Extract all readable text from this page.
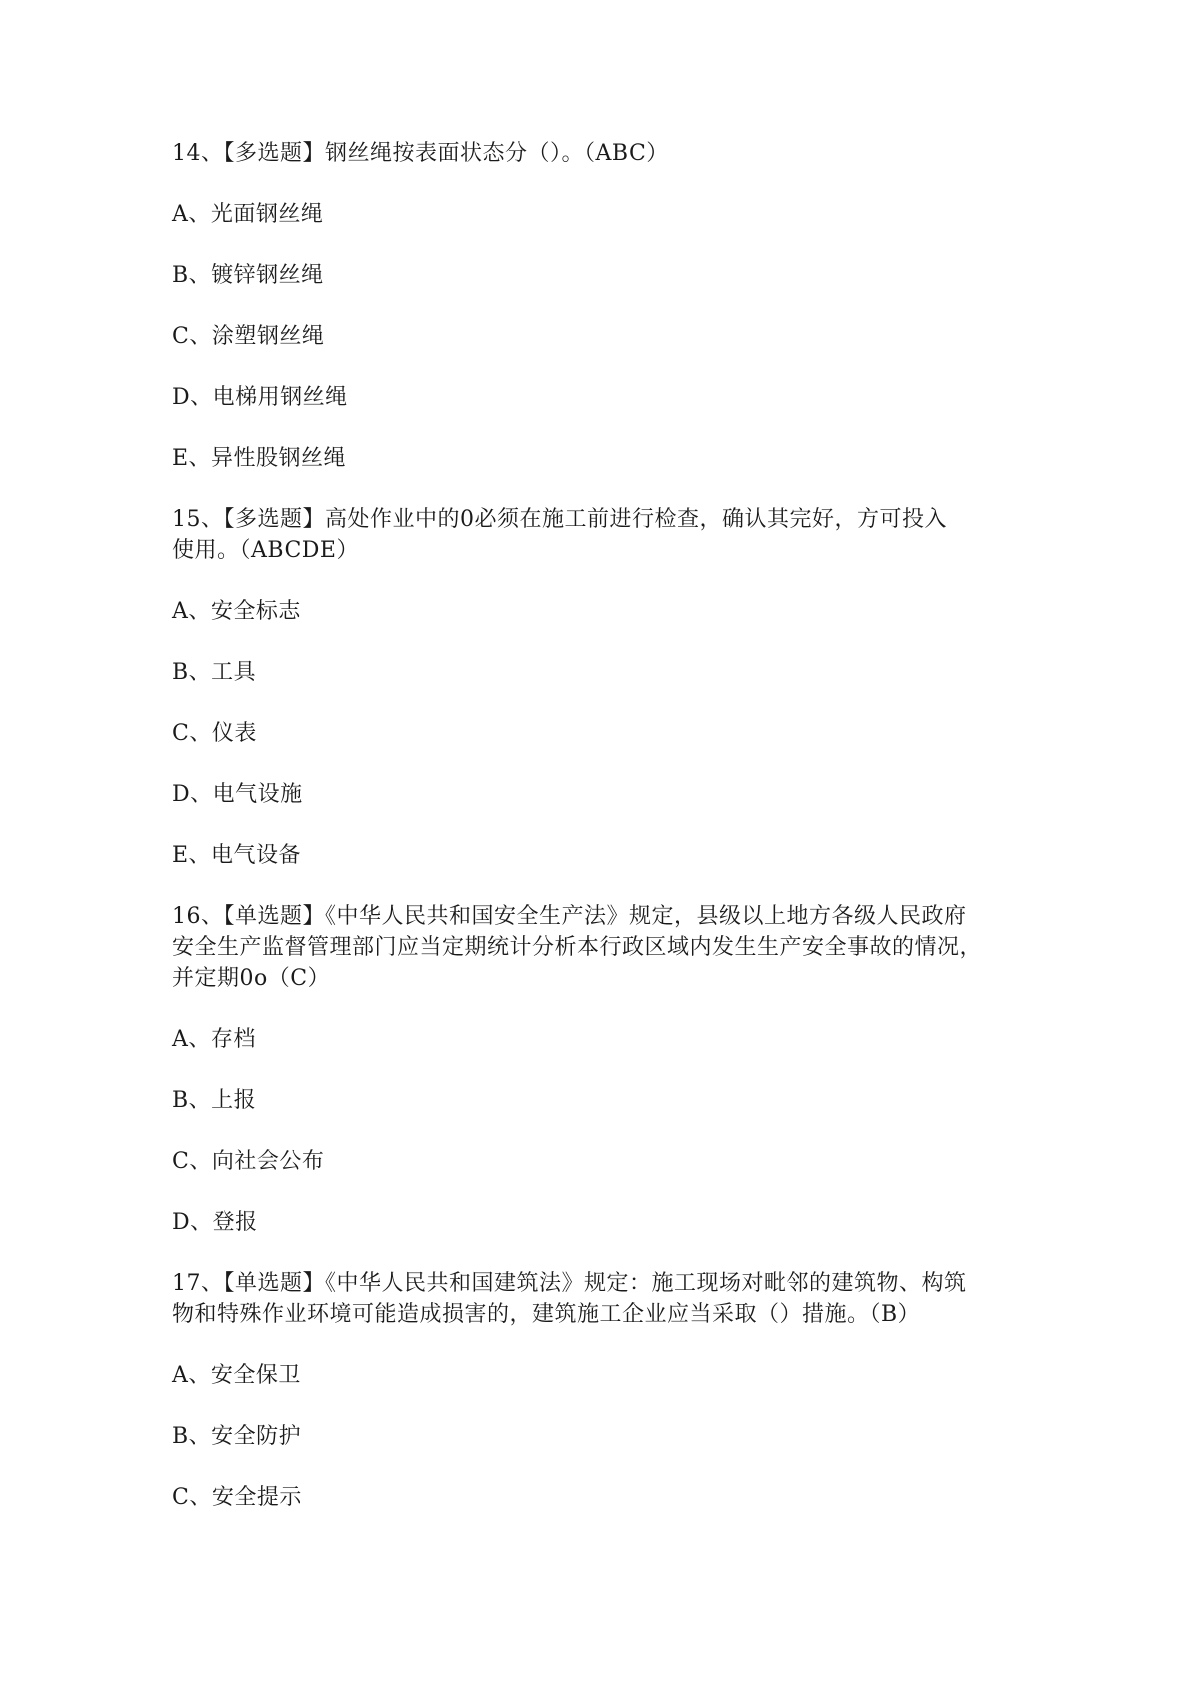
14、【多选题】钢丝绳按表面状态分（）。（ABC）
A、光面钢丝绳
B、镀锌钢丝绳
C、涂塑钢丝绳
D、电梯用钢丝绳
E、异性股钢丝绳
15、【多选题】高处作业中的0必须在施工前进行检查，确认其完好，方可投入
使用。（ABCDE）
A、安全标志
B、工具
C、仪表
D、电气设施
E、电气设备
16、【单选题】《中华人民共和国安全生产法》规定，县级以上地方各级人民政府
安全生产监督管理部门应当定期统计分析本行政区域内发生生产安全事故的情况，
并定期0o（C）
A、存档
B、上报
C、向社会公布
D、登报
17、【单选题】《中华人民共和国建筑法》规定：施工现场对毗邻的建筑物、构筑
物和特殊作业环境可能造成损害的，建筑施工企业应当采取（）措施。（B）
A、安全保卫
B、安全防护
C、安全提示
